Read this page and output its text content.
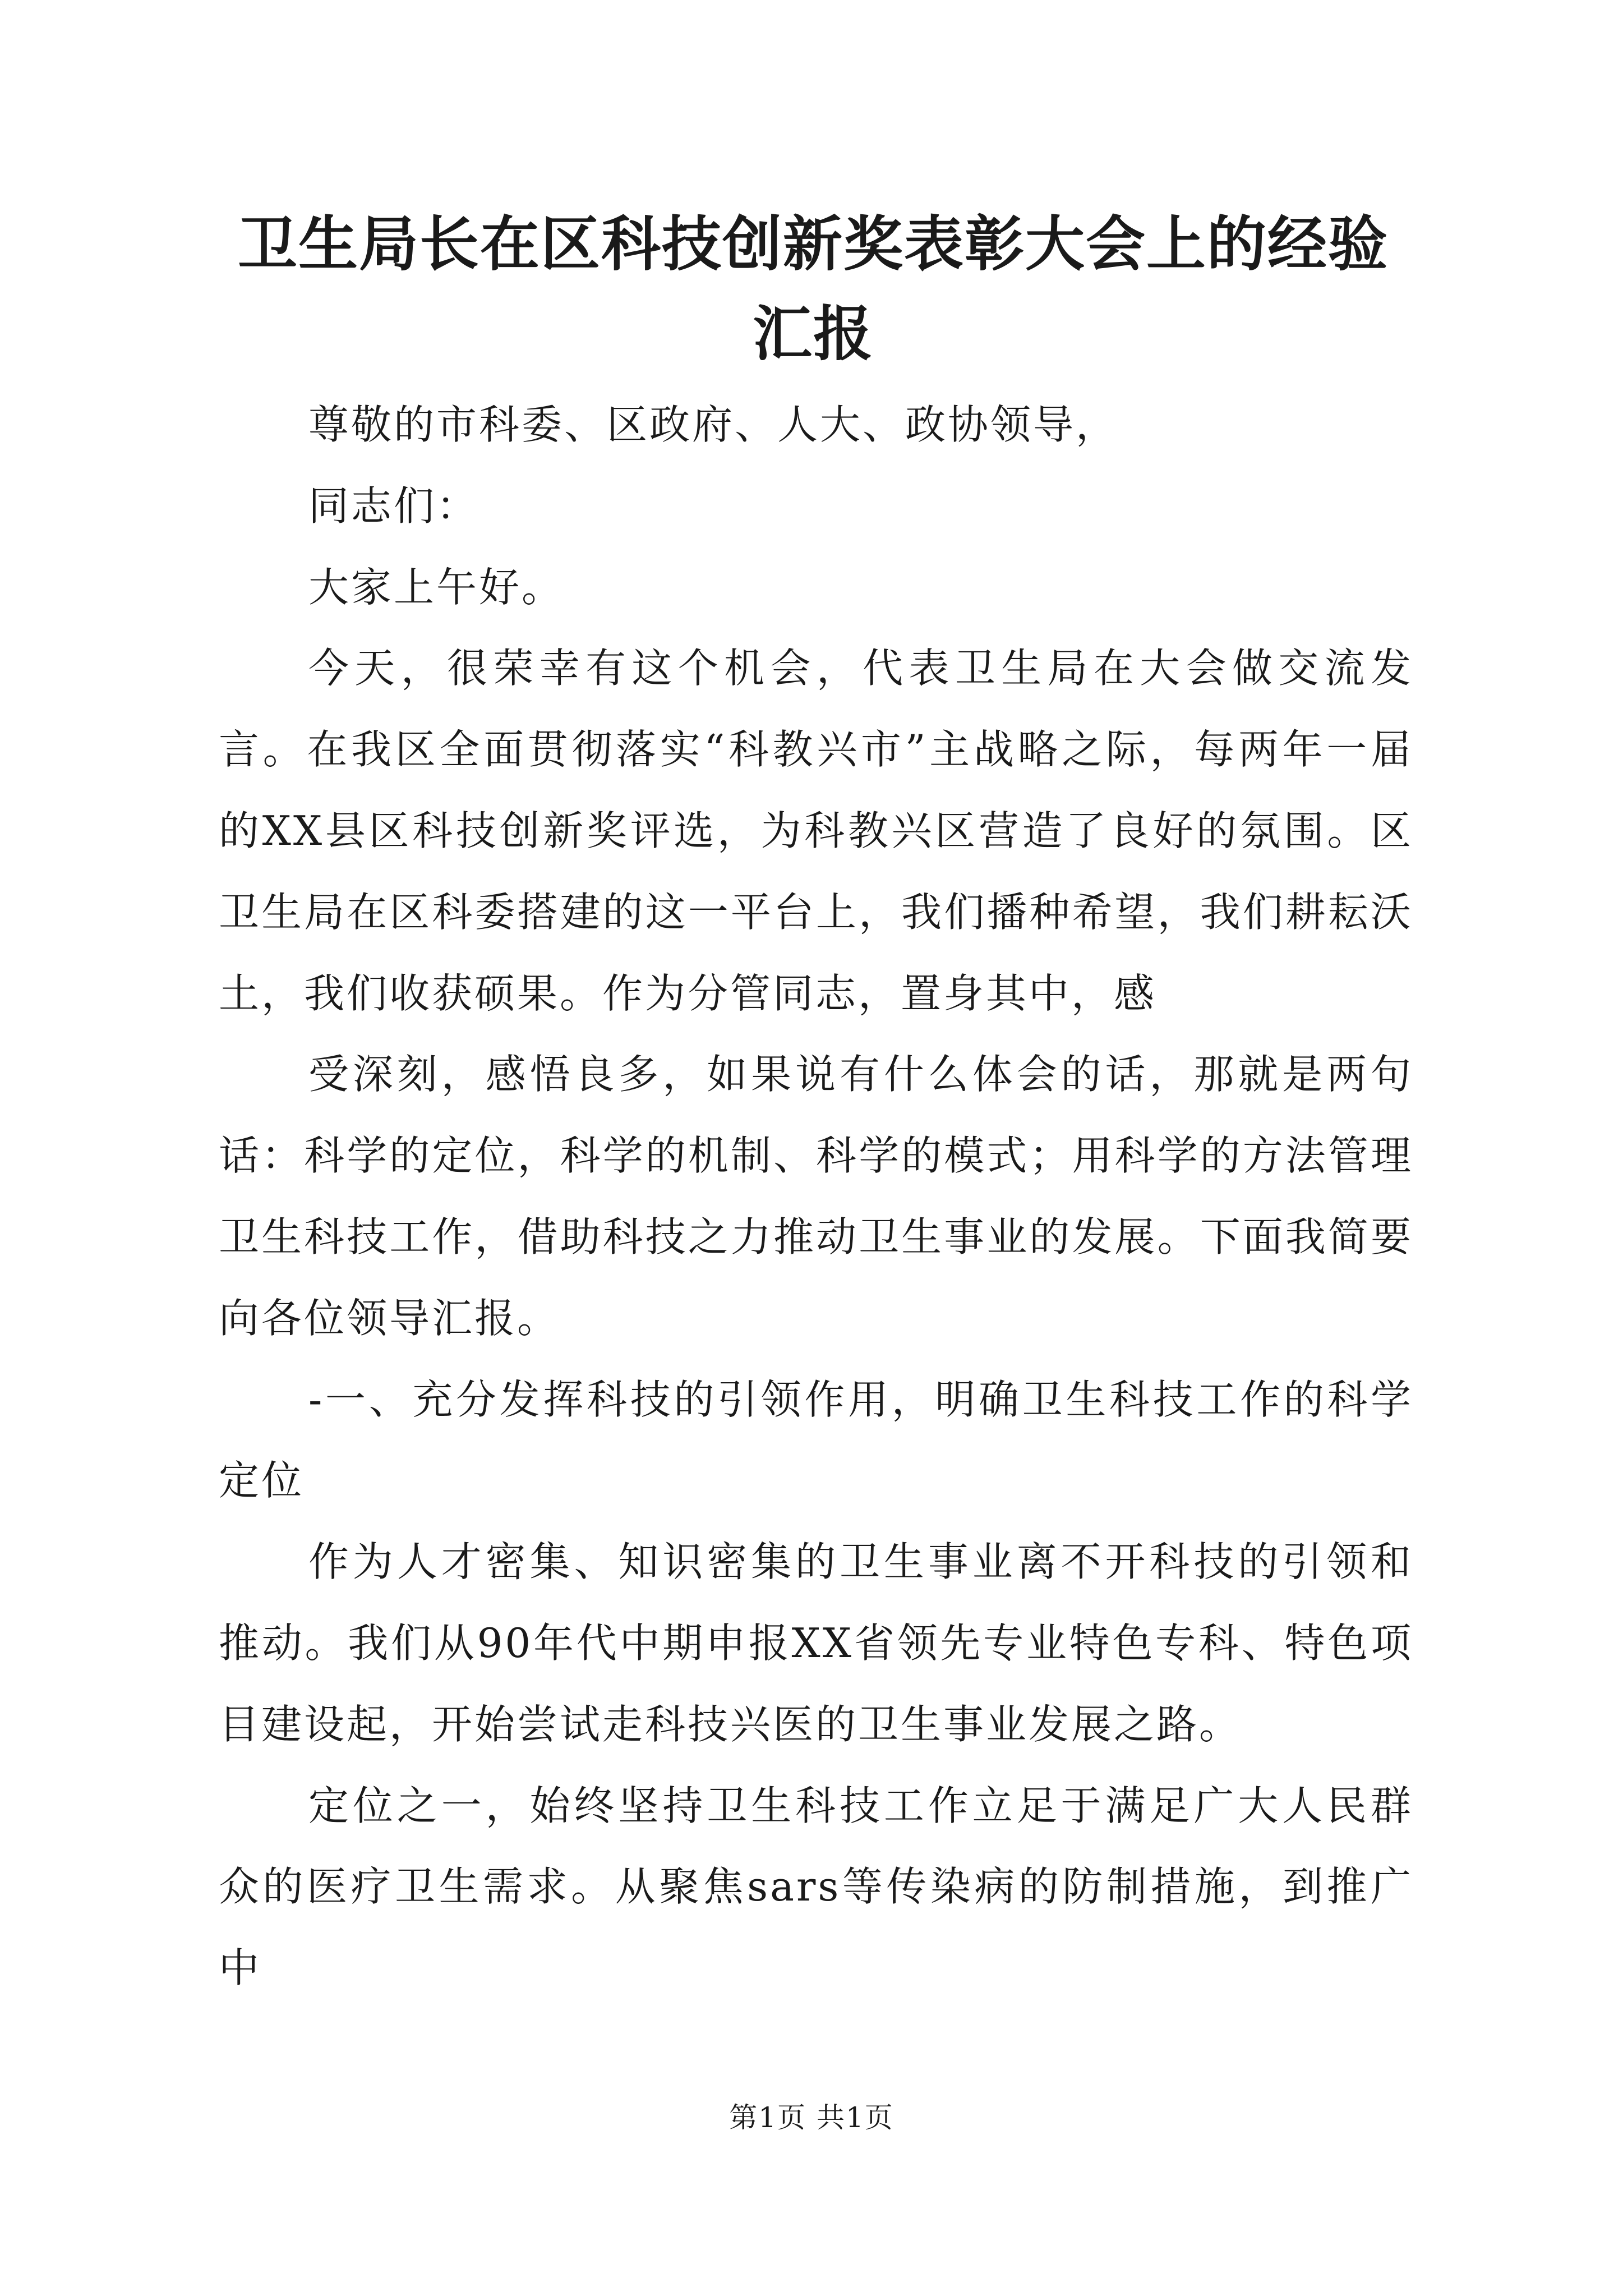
卫生局长在区科技创新奖表彰大会上的经验汇报

尊敬的市科委、区政府、人大、政协领导，

同志们：

大家上午好。

今天，很荣幸有这个机会，代表卫生局在大会做交流发言。在我区全面贯彻落实“科教兴市”主战略之际，每两年一届的XX县区科技创新奖评选，为科教兴区营造了良好的氛围。区卫生局在区科委搭建的这一平台上，我们播种希望，我们耕耘沃土，我们收获硕果。作为分管同志，置身其中，感

受深刻，感悟良多，如果说有什么体会的话，那就是两句话：科学的定位，科学的机制、科学的模式；用科学的方法管理卫生科技工作，借助科技之力推动卫生事业的发展。下面我简要向各位领导汇报。

-一、充分发挥科技的引领作用，明确卫生科技工作的科学定位

作为人才密集、知识密集的卫生事业离不开科技的引领和推动。我们从90年代中期申报XX省领先专业特色专科、特色项目建设起，开始尝试走科技兴医的卫生事业发展之路。

定位之一，始终坚持卫生科技工作立足于满足广大人民群众的医疗卫生需求。从聚焦sars等传染病的防制措施，到推广中

第1页 共1页
